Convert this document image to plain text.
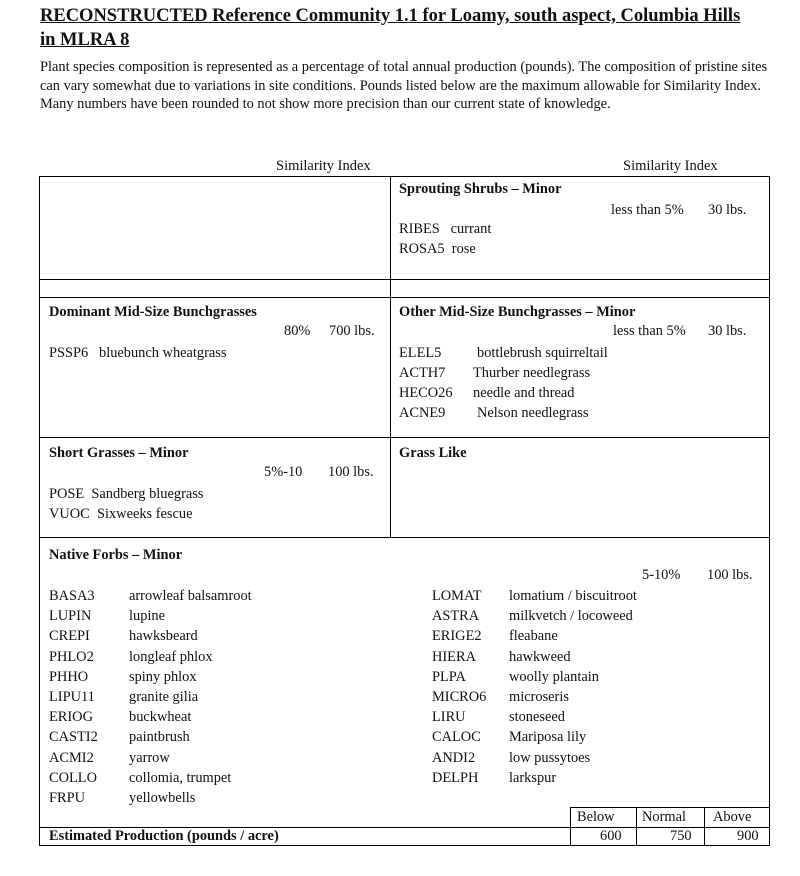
RECONSTRUCTED Reference Community 1.1 for Loamy, south aspect, Columbia Hills in MLRA 8
Plant species composition is represented as a percentage of total annual production (pounds). The composition of pristine sites can vary somewhat due to variations in site conditions. Pounds listed below are the maximum allowable for Similarity Index. Many numbers have been rounded to not show more precision than our current state of knowledge.
Similarity Index	Similarity Index
Sprouting Shrubs – Minor
less than 5% 30 lbs.
RIBES currant
ROSA5 rose
Dominant Mid-Size Bunchgrasses
80% 700 lbs.
PSSP6 bluebunch wheatgrass
Other Mid-Size Bunchgrasses – Minor
less than 5% 30 lbs.
ELEL5 bottlebrush squirreltail
ACTH7 Thurber needlegrass
HECO26 needle and thread
ACNE9 Nelson needlegrass
Short Grasses – Minor
5%-10 100 lbs.
POSE Sandberg bluegrass
VUOC Sixweeks fescue
Grass Like
Native Forbs – Minor
5-10% 100 lbs.
BASA3 arrowleaf balsamroot
LUPIN	lupine
CREPI	hawksbeard
PHLO2 longleaf phlox
PHHO	spiny phlox
LIPU11 granite gilia
ERIOG	buckwheat
CASTI2 paintbrush
ACMI2 yarrow
COLLO collomia, trumpet
FRPU	yellowbells
LOMAT lomatium / biscuitroot
ASTRA milkvetch / locoweed
ERIGE2 fleabane
HIERA hawkweed
PLPA	woolly plantain
MICRO6 microseris
LIRU	stoneseed
CALOC Mariposa lily
ANDI2 low pussytoes
DELPH larkspur
Below Normal Above
Estimated Production (pounds / acre)	600	750	900
